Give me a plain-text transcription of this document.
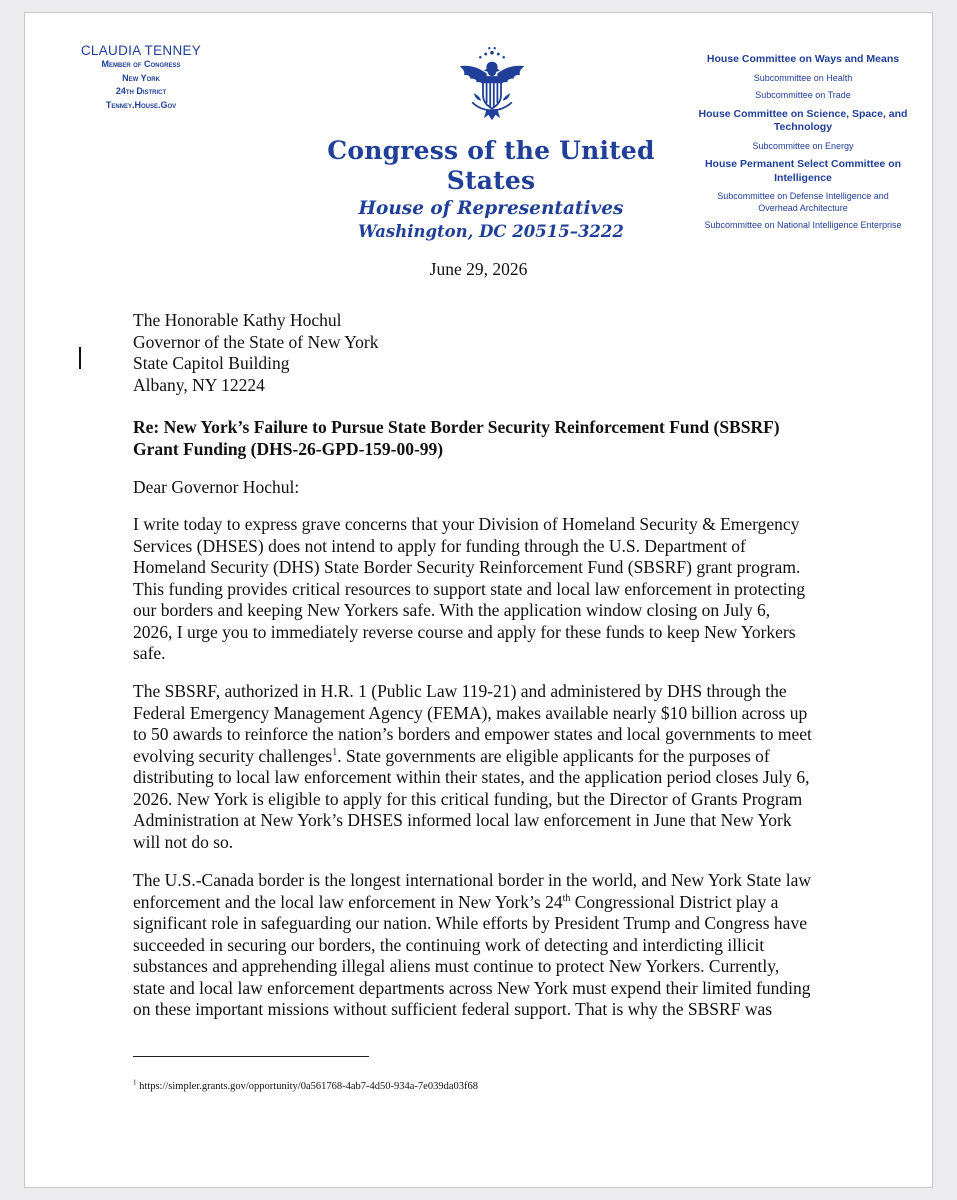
CLAUDIA TENNEY
Member of Congress
New York
24th District
Tenney.House.Gov
Congress of the United States
House of Representatives
Washington, DC 20515–3222
House Committee on Ways and Means
Subcommittee on Health
Subcommittee on Trade
House Committee on Science, Space, and Technology
Subcommittee on Energy
House Permanent Select Committee on Intelligence
Subcommittee on Defense Intelligence and Overhead Architecture
Subcommittee on National Intelligence Enterprise
June 29, 2026
The Honorable Kathy Hochul
Governor of the State of New York
State Capitol Building
Albany, NY 12224
Re: New York’s Failure to Pursue State Border Security Reinforcement Fund (SBSRF)
Grant Funding (DHS-26-GPD-159-00-99)
Dear Governor Hochul:
I write today to express grave concerns that your Division of Homeland Security & Emergency
Services (DHSES) does not intend to apply for funding through the U.S. Department of
Homeland Security (DHS) State Border Security Reinforcement Fund (SBSRF) grant program.
This funding provides critical resources to support state and local law enforcement in protecting
our borders and keeping New Yorkers safe. With the application window closing on July 6,
2026, I urge you to immediately reverse course and apply for these funds to keep New Yorkers
safe.
The SBSRF, authorized in H.R. 1 (Public Law 119-21) and administered by DHS through the
Federal Emergency Management Agency (FEMA), makes available nearly $10 billion across up
to 50 awards to reinforce the nation’s borders and empower states and local governments to meet
evolving security challenges$^1$. State governments are eligible applicants for the purposes of
distributing to local law enforcement within their states, and the application period closes July 6,
2026. New York is eligible to apply for this critical funding, but the Director of Grants Program
Administration at New York’s DHSES informed local law enforcement in June that New York
will not do so.
The U.S.-Canada border is the longest international border in the world, and New York State law
enforcement and the local law enforcement in New York’s 24th Congressional District play a
significant role in safeguarding our nation. While efforts by President Trump and Congress have
succeeded in securing our borders, the continuing work of detecting and interdicting illicit
substances and apprehending illegal aliens must continue to protect New Yorkers. Currently,
state and local law enforcement departments across New York must expend their limited funding
on these important missions without sufficient federal support. That is why the SBSRF was
$^1$ https://simpler.grants.gov/opportunity/0a561768-4ab7-4d50-934a-7e039da03f68
